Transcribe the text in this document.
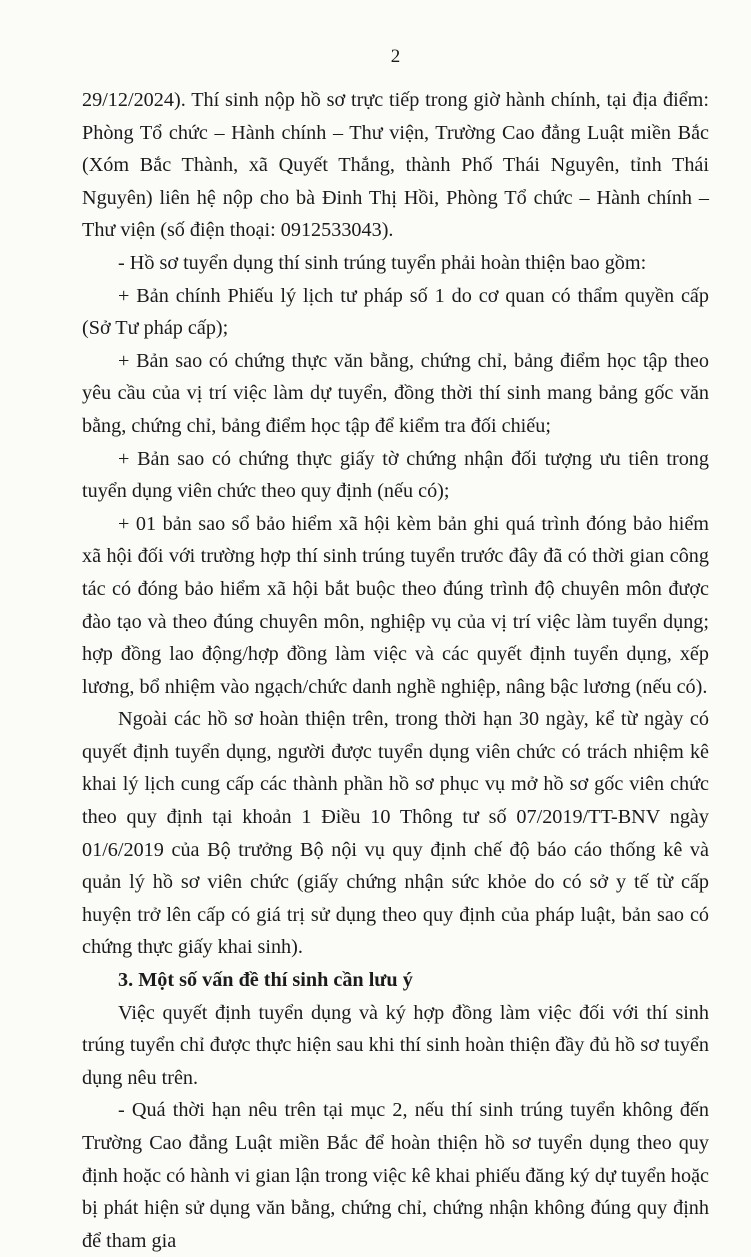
2

29/12/2024). Thí sinh nộp hồ sơ trực tiếp trong giờ hành chính, tại địa điểm: Phòng Tổ chức – Hành chính – Thư viện, Trường Cao đẳng Luật miền Bắc (Xóm Bắc Thành, xã Quyết Thắng, thành Phố Thái Nguyên, tỉnh Thái Nguyên) liên hệ nộp cho bà Đinh Thị Hồi, Phòng Tổ chức – Hành chính – Thư viện (số điện thoại: 0912533043).

- Hồ sơ tuyển dụng thí sinh trúng tuyển phải hoàn thiện bao gồm:

+ Bản chính Phiếu lý lịch tư pháp số 1 do cơ quan có thẩm quyền cấp (Sở Tư pháp cấp);

+ Bản sao có chứng thực văn bằng, chứng chỉ, bảng điểm học tập theo yêu cầu của vị trí việc làm dự tuyển, đồng thời thí sinh mang bảng gốc văn bằng, chứng chỉ, bảng điểm học tập để kiểm tra đối chiếu;

+ Bản sao có chứng thực giấy tờ chứng nhận đối tượng ưu tiên trong tuyển dụng viên chức theo quy định (nếu có);

+ 01 bản sao sổ bảo hiểm xã hội kèm bản ghi quá trình đóng bảo hiểm xã hội đối với trường hợp thí sinh trúng tuyển trước đây đã có thời gian công tác có đóng bảo hiểm xã hội bắt buộc theo đúng trình độ chuyên môn được đào tạo và theo đúng chuyên môn, nghiệp vụ của vị trí việc làm tuyển dụng; hợp đồng lao động/hợp đồng làm việc và các quyết định tuyển dụng, xếp lương, bổ nhiệm vào ngạch/chức danh nghề nghiệp, nâng bậc lương (nếu có).

Ngoài các hồ sơ hoàn thiện trên, trong thời hạn 30 ngày, kể từ ngày có quyết định tuyển dụng, người được tuyển dụng viên chức có trách nhiệm kê khai lý lịch cung cấp các thành phần hồ sơ phục vụ mở hồ sơ gốc viên chức theo quy định tại khoản 1 Điều 10 Thông tư số 07/2019/TT-BNV ngày 01/6/2019 của Bộ trưởng Bộ nội vụ quy định chế độ báo cáo thống kê và quản lý hồ sơ viên chức (giấy chứng nhận sức khỏe do có sở y tế từ cấp huyện trở lên cấp có giá trị sử dụng theo quy định của pháp luật, bản sao có chứng thực giấy khai sinh).

3. Một số vấn đề thí sinh cần lưu ý

Việc quyết định tuyển dụng và ký hợp đồng làm việc đối với thí sinh trúng tuyển chỉ được thực hiện sau khi thí sinh hoàn thiện đầy đủ hồ sơ tuyển dụng nêu trên.

- Quá thời hạn nêu trên tại mục 2, nếu thí sinh trúng tuyển không đến Trường Cao đẳng Luật miền Bắc để hoàn thiện hồ sơ tuyển dụng theo quy định hoặc có hành vi gian lận trong việc kê khai phiếu đăng ký dự tuyển hoặc bị phát hiện sử dụng văn bằng, chứng chỉ, chứng nhận không đúng quy định để tham gia
